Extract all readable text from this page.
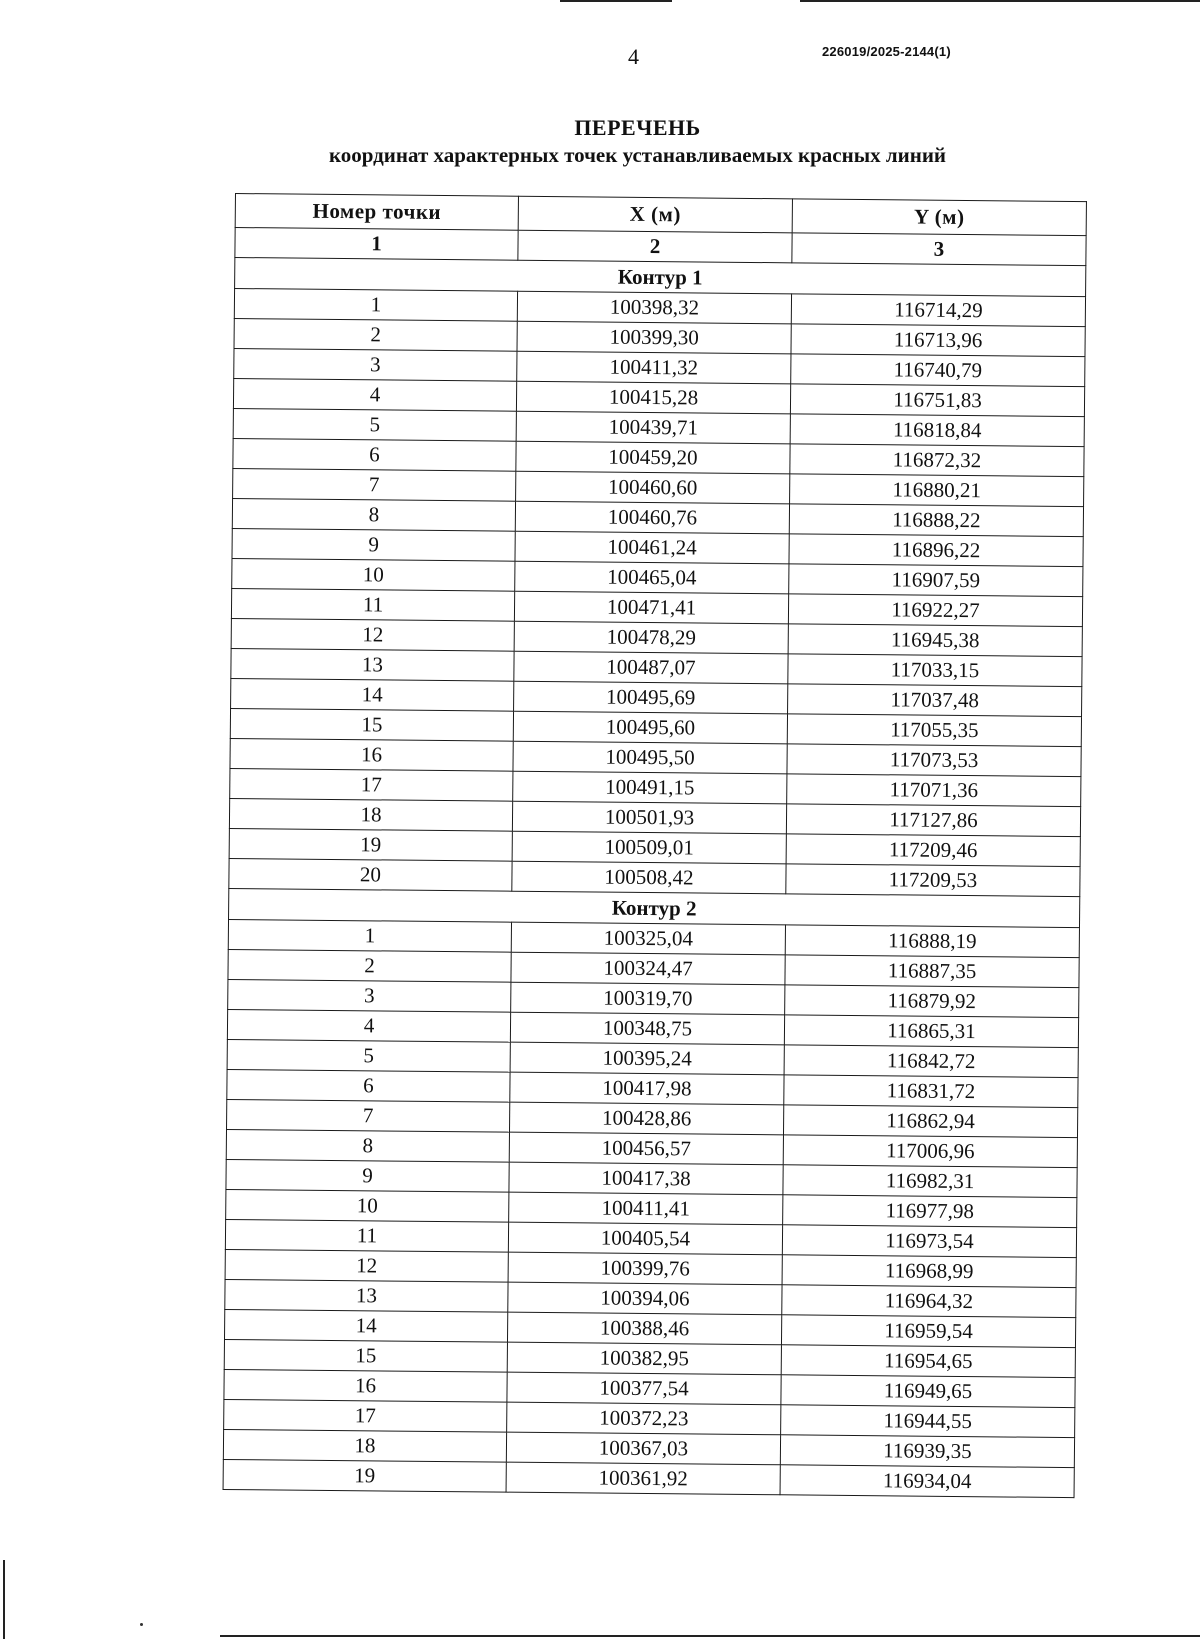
4	226019/2025-2144(1)
ПЕРЕЧЕНЬ
координат характерных точек устанавливаемых красных линий
Номер точки	X (м)	Y (м)
1	2	3
Контур 1		
1	100398,32	116714,29
2	100399,30	116713,96
3	100411,32	116740,79
4	100415,28	116751,83
5	100439,71	116818,84
6	100459,20	116872,32
7	100460,60	116880,21
8	100460,76	116888,22
9	100461,24	116896,22
10	100465,04	116907,59
11	100471,41	116922,27
12	100478,29	116945,38
13	100487,07	117033,15
14	100495,69	117037,48
15	100495,60	117055,35
16	100495,50	117073,53
17	100491,15	117071,36
18	100501,93	117127,86
19	100509,01	117209,46
20	100508,42	117209,53
Контур 2		
1	100325,04	116888,19
2	100324,47	116887,35
3	100319,70	116879,92
4	100348,75	116865,31
5	100395,24	116842,72
6	100417,98	116831,72
7	100428,86	116862,94
8	100456,57	117006,96
9	100417,38	116982,31
10	100411,41	116977,98
11	100405,54	116973,54
12	100399,76	116968,99
13	100394,06	116964,32
14	100388,46	116959,54
15	100382,95	116954,65
16	100377,54	116949,65
17	100372,23	116944,55
18	100367,03	116939,35
19	100361,92	116934,04
